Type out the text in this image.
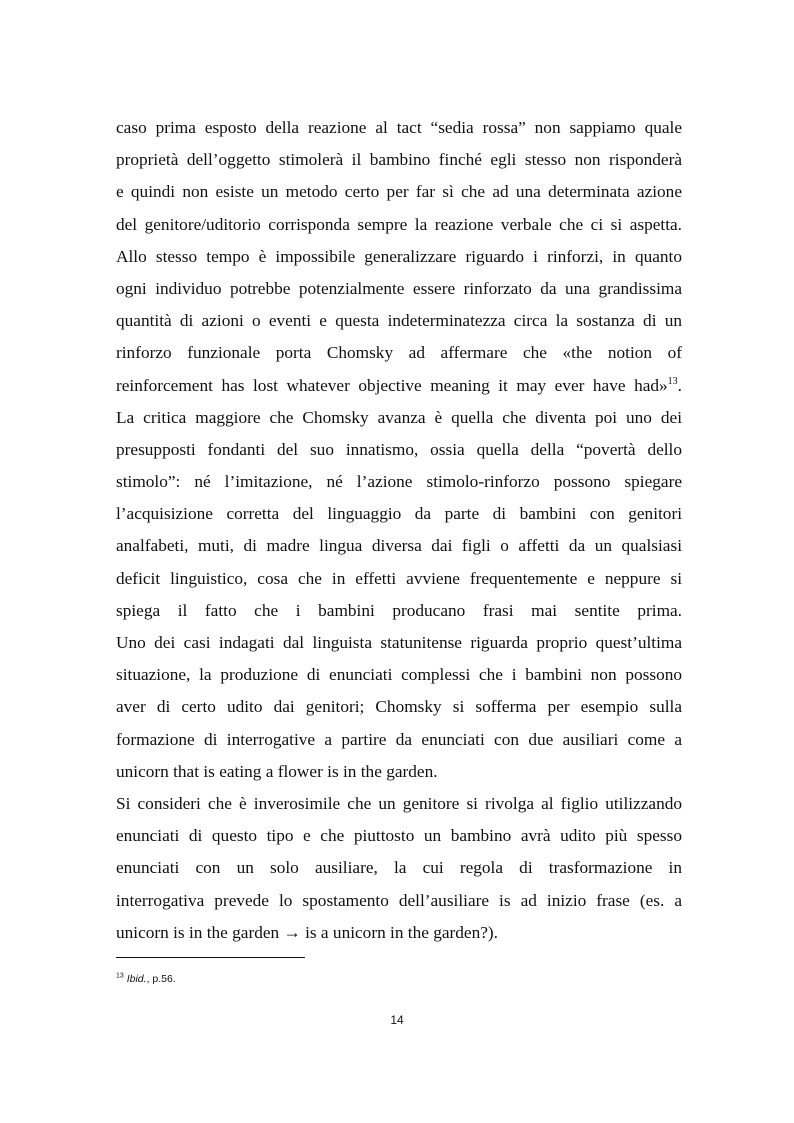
caso prima esposto della reazione al tact “sedia rossa” non sappiamo quale
proprietà dell’oggetto stimolerà il bambino finché egli stesso non risponderà
e quindi non esiste un metodo certo per far sì che ad una determinata azione
del genitore/uditorio corrisponda sempre la reazione verbale che ci si aspetta.
Allo stesso tempo è impossibile generalizzare riguardo i rinforzi, in quanto
ogni individuo potrebbe potenzialmente essere rinforzato da una grandissima
quantità di azioni o eventi e questa indeterminatezza circa la sostanza di un
rinforzo funzionale porta Chomsky ad affermare che «the notion of
reinforcement has lost whatever objective meaning it may ever have had»$^{13}$.
La critica maggiore che Chomsky avanza è quella che diventa poi uno dei
presupposti fondanti del suo innatismo, ossia quella della “povertà dello
stimolo”: né l’imitazione, né l’azione stimolo-rinforzo possono spiegare
l’acquisizione corretta del linguaggio da parte di bambini con genitori
analfabeti, muti, di madre lingua diversa dai figli o affetti da un qualsiasi
deficit linguistico, cosa che in effetti avviene frequentemente e neppure si
spiega il fatto che i bambini producano frasi mai sentite prima.
Uno dei casi indagati dal linguista statunitense riguarda proprio quest’ultima
situazione, la produzione di enunciati complessi che i bambini non possono
aver di certo udito dai genitori; Chomsky si sofferma per esempio sulla
formazione di interrogative a partire da enunciati con due ausiliari come a
unicorn that is eating a flower is in the garden.
Si consideri che è inverosimile che un genitore si rivolga al figlio utilizzando
enunciati di questo tipo e che piuttosto un bambino avrà udito più spesso
enunciati con un solo ausiliare, la cui regola di trasformazione in
interrogativa prevede lo spostamento dell’ausiliare is ad inizio frase (es. a
unicorn is in the garden → is a unicorn in the garden?).
$^{13}$ Ibid., p.56.
14
